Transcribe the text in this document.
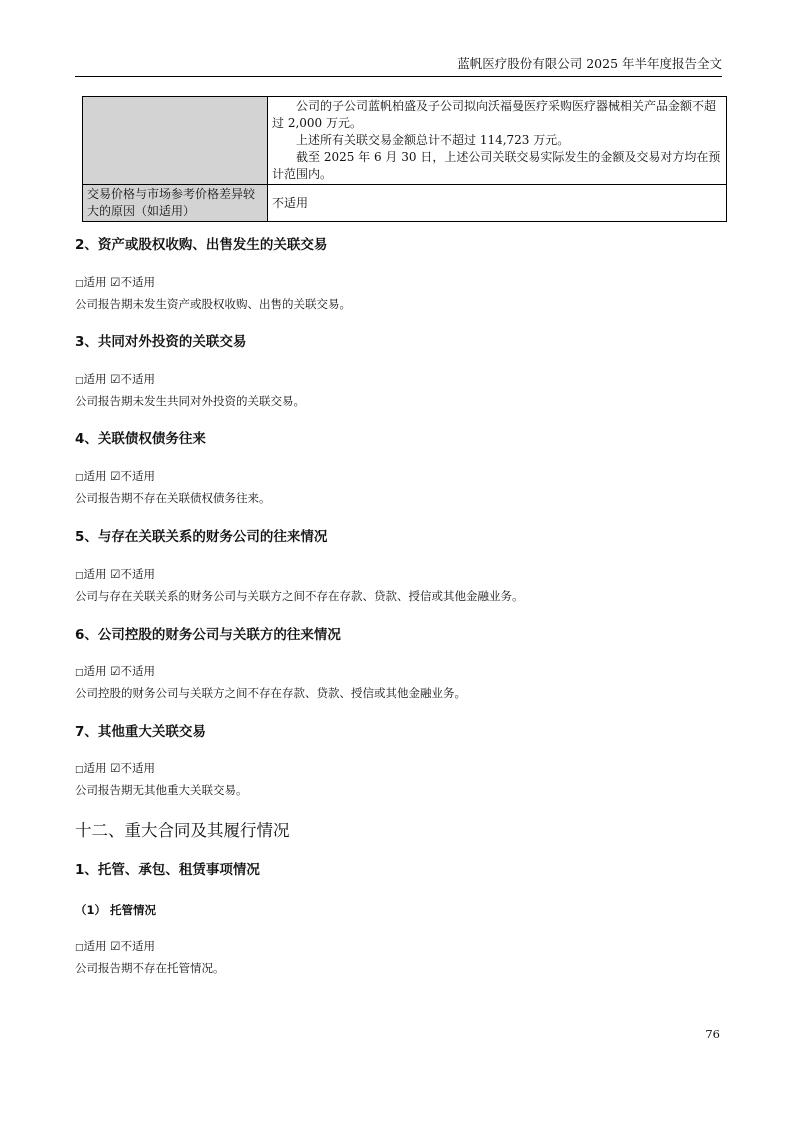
蓝帆医疗股份有限公司 2025 年半年度报告全文

	公司的子公司蓝帆柏盛及子公司拟向沃福曼医疗采购医疗器械相关产品金额不超过 2,000 万元。

上述所有关联交易金额总计不超过 114,723 万元。

截至 2025 年 6 月 30 日，上述公司关联交易实际发生的金额及交易对方均在预计范围内。

交易价格与市场参考价格差异较大的原因（如适用）	不适用

2、资产或股权收购、出售发生的关联交易

□适用 ☑不适用

公司报告期未发生资产或股权收购、出售的关联交易。

3、共同对外投资的关联交易

□适用 ☑不适用

公司报告期未发生共同对外投资的关联交易。

4、关联债权债务往来

□适用 ☑不适用

公司报告期不存在关联债权债务往来。

5、与存在关联关系的财务公司的往来情况

□适用 ☑不适用

公司与存在关联关系的财务公司与关联方之间不存在存款、贷款、授信或其他金融业务。

6、公司控股的财务公司与关联方的往来情况

□适用 ☑不适用

公司控股的财务公司与关联方之间不存在存款、贷款、授信或其他金融业务。

7、其他重大关联交易

□适用 ☑不适用

公司报告期无其他重大关联交易。

十二、重大合同及其履行情况

1、托管、承包、租赁事项情况

（1） 托管情况

□适用 ☑不适用

公司报告期不存在托管情况。

76
